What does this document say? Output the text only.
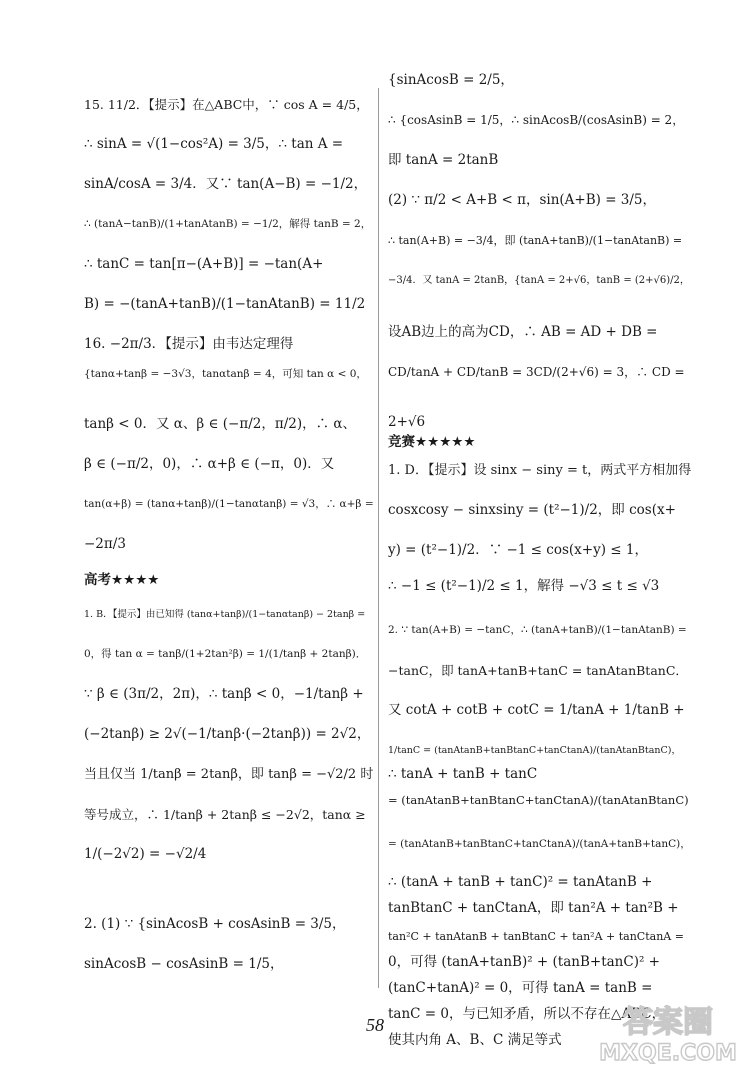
15. 11/2．【提示】在△ABC中，∵ cos A = 4/5，
∴ sinA = √(1−cos²A) = 3/5，∴ tan A =
sinA/cosA = 3/4．又∵ tan(A−B) = −1/2，
∴ (tanA−tanB)/(1+tanAtanB) = −1/2，解得 tanB = 2，
∴ tanC = tan[π−(A+B)] = −tan(A+
B) = −(tanA+tanB)/(1−tanAtanB) = 11/2
16. −2π/3．【提示】由韦达定理得
{tanα+tanβ = −3√3，tanαtanβ = 4，可知 tan α < 0，
tanβ < 0．又 α、β ∈ (−π/2，π/2)，∴ α、
β ∈ (−π/2，0)，∴ α+β ∈ (−π，0)．又
tan(α+β) = (tanα+tanβ)/(1−tanαtanβ) = √3，∴ α+β =
−2π/3
高考★★★★
1. B．【提示】由已知得 (tanα+tanβ)/(1−tanαtanβ) − 2tanβ =
0，得 tan α = tanβ/(1+2tan²β) = 1/(1/tanβ + 2tanβ)．
∵ β ∈ (3π/2，2π)，∴ tanβ < 0，−1/tanβ +
(−2tanβ) ≥ 2√(−1/tanβ·(−2tanβ)) = 2√2，
当且仅当 1/tanβ = 2tanβ，即 tanβ = −√2/2 时
等号成立，∴ 1/tanβ + 2tanβ ≤ −2√2，tanα ≥
1/(−2√2) = −√2/4
2. (1) ∵ {sinAcosB + cosAsinB = 3/5，
sinAcosB − cosAsinB = 1/5，
{sinAcosB = 2/5，
∴ {cosAsinB = 1/5，∴ sinAcosB/(cosAsinB) = 2，
即 tanA = 2tanB
(2) ∵ π/2 < A+B < π，sin(A+B) = 3/5，
∴ tan(A+B) = −3/4，即 (tanA+tanB)/(1−tanAtanB) =
−3/4．又 tanA = 2tanB，{tanA = 2+√6，tanB = (2+√6)/2，
设AB边上的高为CD，∴ AB = AD + DB =
CD/tanA + CD/tanB = 3CD/(2+√6) = 3，∴ CD =
2+√6
竞赛★★★★★
1. D．【提示】设 sinx − siny = t，两式平方相加得
cosxcosy − sinxsiny = (t²−1)/2，即 cos(x+
y) = (t²−1)/2．∵ −1 ≤ cos(x+y) ≤ 1，
∴ −1 ≤ (t²−1)/2 ≤ 1，解得 −√3 ≤ t ≤ √3
2. ∵ tan(A+B) = −tanC，∴ (tanA+tanB)/(1−tanAtanB) =
−tanC，即 tanA+tanB+tanC = tanAtanBtanC．
又 cotA + cotB + cotC = 1/tanA + 1/tanB +
1/tanC = (tanAtanB+tanBtanC+tanCtanA)/(tanAtanBtanC)，
∴ tanA + tanB + tanC
= (tanAtanB+tanBtanC+tanCtanA)/(tanAtanBtanC)
= (tanAtanB+tanBtanC+tanCtanA)/(tanA+tanB+tanC)，
∴ (tanA + tanB + tanC)² = tanAtanB +
tanBtanC + tanCtanA，即 tan²A + tan²B +
tan²C + tanAtanB + tanBtanC + tan²A + tanCtanA =
0，可得 (tanA+tanB)² + (tanB+tanC)² +
(tanC+tanA)² = 0，可得 tanA = tanB =
tanC = 0，与已知矛盾，所以不存在△ABC，
使其内角 A、B、C 满足等式
58	答案圈
MXQE.COM
